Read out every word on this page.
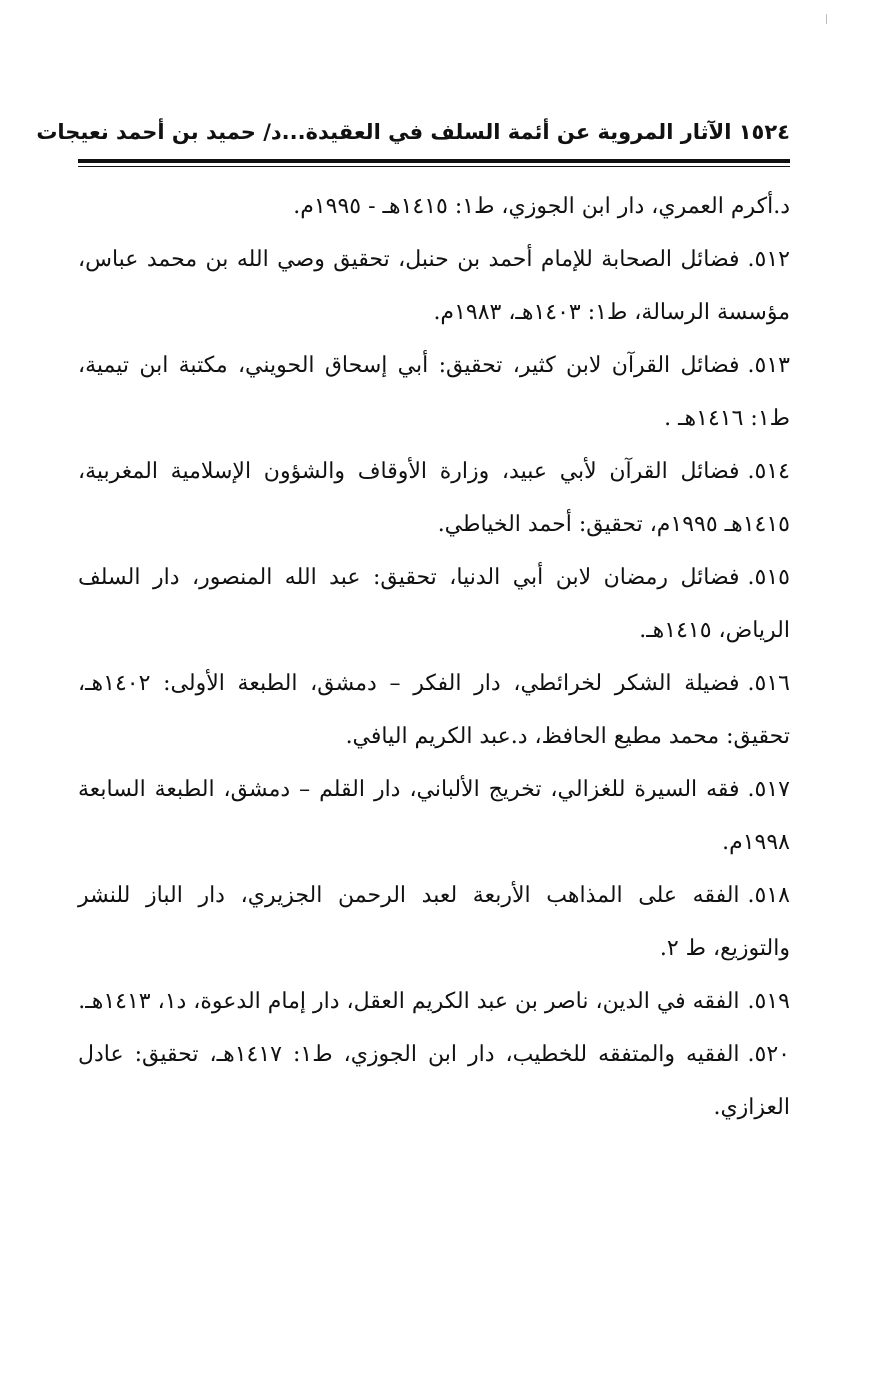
١٥٢٤ الآثار المروية عن أئمة السلف في العقيدة...د/ حميد بن أحمد نعيجات

د.أكرم العمري، دار ابن الجوزي، ط١: ١٤١٥هـ - ١٩٩٥م.

٥١٢.فضائل الصحابة للإمام أحمد بن حنبل، تحقيق وصي الله بن محمد عباس، مؤسسة الرسالة، ط١: ١٤٠٣هـ، ١٩٨٣م.

٥١٣.فضائل القرآن لابن كثير، تحقيق: أبي إسحاق الحويني، مكتبة ابن تيمية، ط١: ١٤١٦هـ .

٥١٤.فضائل القرآن لأبي عبيد، وزارة الأوقاف والشؤون الإسلامية المغربية، ١٤١٥هـ ١٩٩٥م، تحقيق: أحمد الخياطي.

٥١٥.فضائل رمضان لابن أبي الدنيا، تحقيق: عبد الله المنصور، دار السلف الرياض، ١٤١٥هـ.

٥١٦.فضيلة الشكر لخرائطي، دار الفكر – دمشق، الطبعة الأولى: ١٤٠٢هـ، تحقيق: محمد مطيع الحافظ، د.عبد الكريم اليافي.

٥١٧.فقه السيرة للغزالي، تخريج الألباني، دار القلم – دمشق، الطبعة السابعة ١٩٩٨م.

٥١٨.الفقه على المذاهب الأربعة لعبد الرحمن الجزيري، دار الباز للنشر والتوزيع، ط ٢.

٥١٩.الفقه في الدين، ناصر بن عبد الكريم العقل، دار إمام الدعوة، د١، ١٤١٣هـ.

٥٢٠.الفقيه والمتفقه للخطيب، دار ابن الجوزي، ط١: ١٤١٧هـ، تحقيق: عادل العزازي.
